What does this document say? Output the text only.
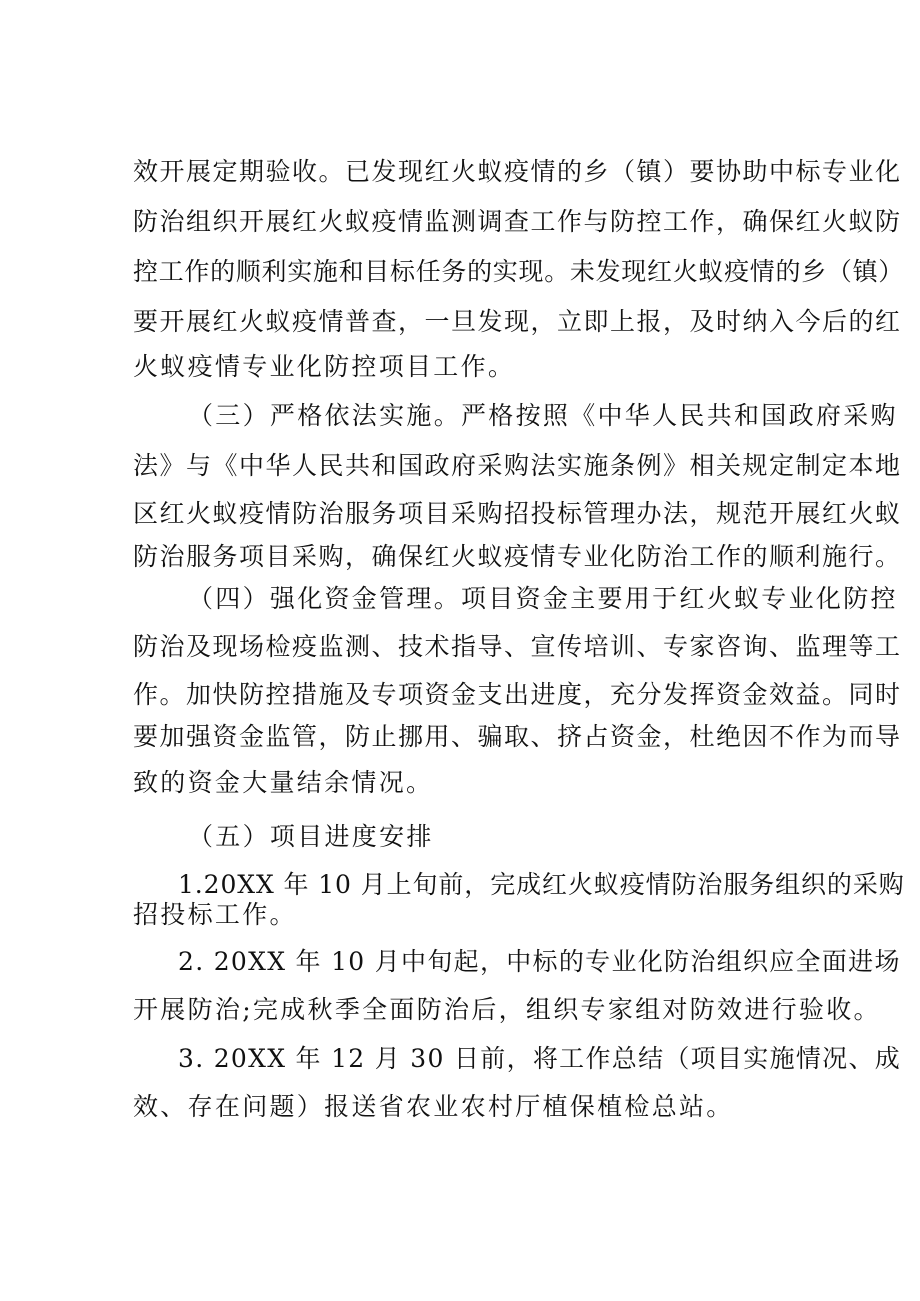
效开展定期验收。已发现红火蚁疫情的乡（镇）要协助中标专业化
防治组织开展红火蚁疫情监测调查工作与防控工作，确保红火蚁防
控工作的顺利实施和目标任务的实现。未发现红火蚁疫情的乡（镇）
要开展红火蚁疫情普查，一旦发现，立即上报，及时纳入今后的红
火蚁疫情专业化防控项目工作。
（三）严格依法实施。严格按照《中华人民共和国政府采购
法》与《中华人民共和国政府采购法实施条例》相关规定制定本地
区红火蚁疫情防治服务项目采购招投标管理办法，规范开展红火蚁
防治服务项目采购，确保红火蚁疫情专业化防治工作的顺利施行。
（四）强化资金管理。项目资金主要用于红火蚁专业化防控
防治及现场检疫监测、技术指导、宣传培训、专家咨询、监理等工
作。加快防控措施及专项资金支出进度，充分发挥资金效益。同时
要加强资金监管，防止挪用、骗取、挤占资金，杜绝因不作为而导
致的资金大量结余情况。
（五）项目进度安排
1.20XX 年 10 月上旬前，完成红火蚁疫情防治服务组织的采购
招投标工作。
2. 20XX 年 10 月中旬起，中标的专业化防治组织应全面进场
开展防治;完成秋季全面防治后，组织专家组对防效进行验收。
3. 20XX 年 12 月 30 日前，将工作总结（项目实施情况、成
效、存在问题）报送省农业农村厅植保植检总站。
